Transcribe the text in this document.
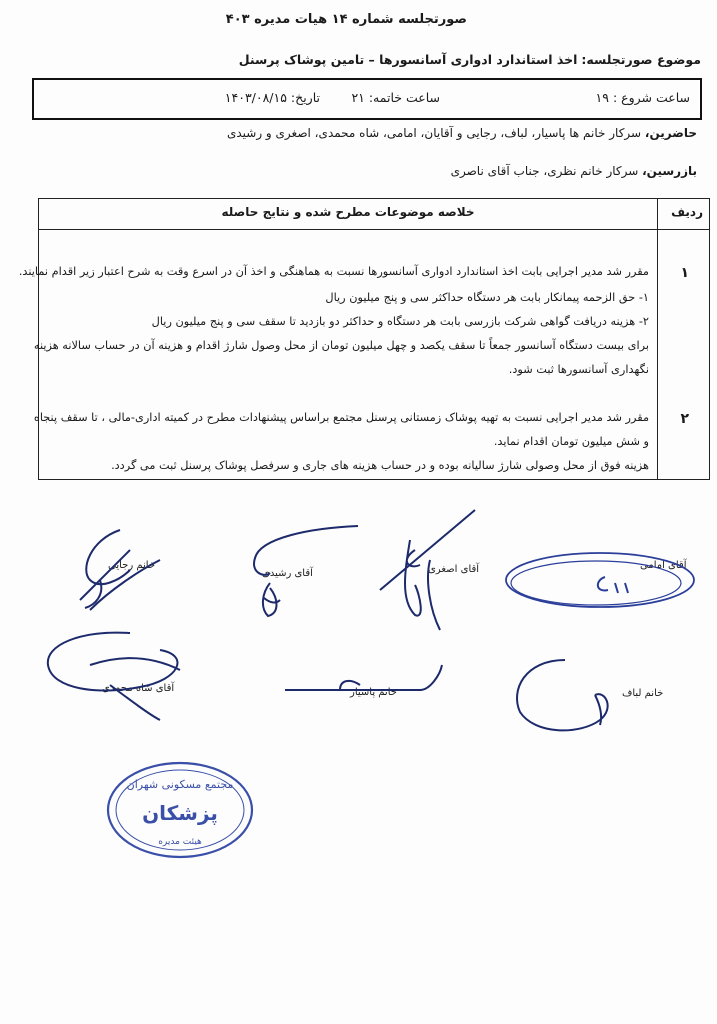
صورتجلسه شماره ۱۴ هیات مدیره ۴۰۳
موضوع صورتجلسه: اخذ استاندارد ادواری آسانسورها – تامین پوشاک پرسنل
ساعت شروع : ۱۹
ساعت خاتمه: ۲۱
تاریخ: ۱۴۰۳/۰۸/۱۵
حاضرین، سرکار خانم ها پاسیار، لباف، رجایی و آقایان، امامی، شاه محمدی، اصغری و رشیدی
بازرسین، سرکار خانم نظری، جناب آقای ناصری
ردیف
خلاصه موضوعات مطرح شده و نتایج حاصله
۱
مقرر شد مدیر اجرایی بابت اخذ استاندارد ادواری آسانسورها نسبت به هماهنگی و اخذ آن در اسرع وقت به شرح اعتبار زیر اقدام نمایند.
۱- حق الزحمه پیمانکار بابت هر دستگاه حداکثر سی و پنج میلیون ریال
۲- هزینه دریافت گواهی شرکت بازرسی بابت هر دستگاه و حداکثر دو بازدید تا سقف سی و پنج میلیون ریال
برای بیست دستگاه آسانسور جمعاً تا سقف یکصد و چهل میلیون تومان از محل وصول شارژ اقدام و هزینه آن در حساب سالانه هزینه
نگهداری آسانسورها ثبت شود.
۲
مقرر شد مدیر اجرایی نسبت به تهیه پوشاک زمستانی پرسنل مجتمع براساس پیشنهادات مطرح در کمیته اداری-مالی ، تا سقف پنجاه
و شش میلیون تومان اقدام نماید.
هزینه فوق از محل وصولی شارژ سالیانه بوده و در حساب هزینه های جاری و سرفصل پوشاک پرسنل ثبت می گردد.
آقای امامی
آقای اصغری
آقای رشیدی
خانم رجایی
خانم لباف
خانم پاسیار
آقای شاه محمدی
مجتمع مسکونی شهران
پزشکان
هیئت مدیره
